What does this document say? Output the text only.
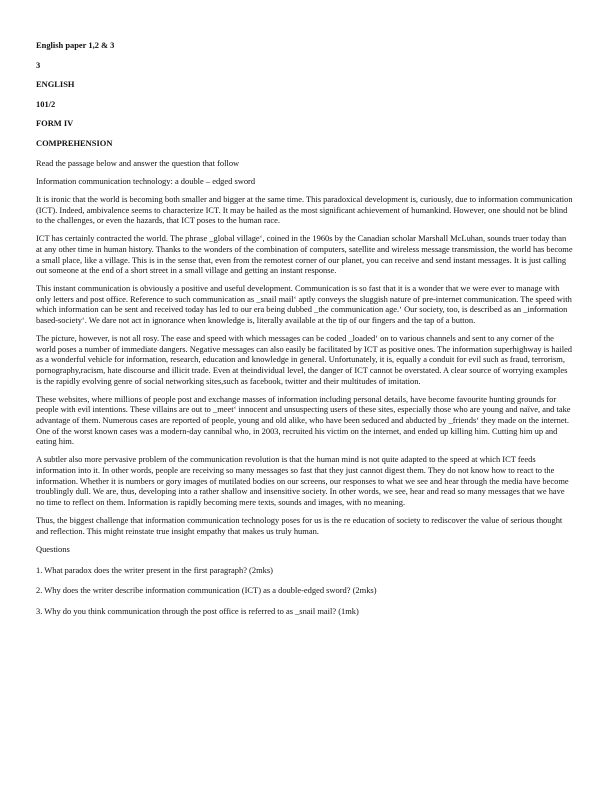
English paper 1,2 & 3
3
ENGLISH
101/2
FORM IV
COMPREHENSION

Read the passage below and answer the question that follow

Information communication technology: a double – edged sword

It is ironic that the world is becoming both smaller and bigger at the same time. This paradoxical development is, curiously, due to information communication (ICT). Indeed, ambivalence seems to characterize ICT. It may be hailed as the most significant achievement of humankind. However, one should not be blind to the challenges, or even the hazards, that ICT poses to the human race.

ICT has certainly contracted the world. The phrase _global village‘, coined in the 1960s by the Canadian scholar Marshall McLuhan, sounds truer today than at any other time in human history. Thanks to the wonders of the combination of computers, satellite and wireless message transmission, the world has become a small place, like a village. This is in the sense that, even from the remotest corner of our planet, you can receive and send instant messages. It is just calling out someone at the end of a short street in a small village and getting an instant response.

This instant communication is obviously a positive and useful development. Communication is so fast that it is a wonder that we were ever to manage with only letters and post office. Reference to such communication as _snail mail‘ aptly conveys the sluggish nature of pre-internet communication. The speed with which information can be sent and received today has led to our era being dubbed _the communication age.‘ Our society, too, is described as an _information based-society‘. We dare not act in ignorance when knowledge is, literally available at the tip of our fingers and the tap of a button.

The picture, however, is not all rosy. The ease and speed with which messages can be coded _loaded‘ on to various channels and sent to any corner of the world poses a number of immediate dangers. Negative messages can also easily be facilitated by ICT as positive ones. The information superhighway is hailed as a wonderful vehicle for information, research, education and knowledge in general. Unfortunately, it is, equally a conduit for evil such as fraud, terrorism, pornography,racism, hate discourse and illicit trade. Even at theindividual level, the danger of ICT cannot be overstated. A clear source of worrying examples is the rapidly evolving genre of social networking sites,such as facebook, twitter and their multitudes of imitation.

These websites, where millions of people post and exchange masses of information including personal details, have become favourite hunting grounds for people with evil intentions. These villains are out to _meet‘ innocent and unsuspecting users of these sites, especially those who are young and naïve, and take advantage of them. Numerous cases are reported of people, young and old alike, who have been seduced and abducted by _friends‘ they made on the internet. One of the worst known cases was a modern-day cannibal who, in 2003, recruited his victim on the internet, and ended up killing him. Cutting him up and eating him.

A subtler also more pervasive problem of the communication revolution is that the human mind is not quite adapted to the speed at which ICT feeds information into it. In other words, people are receiving so many messages so fast that they just cannot digest them. They do not know how to react to the information. Whether it is numbers or gory images of mutilated bodies on our screens, our responses to what we see and hear through the media have become troublingly dull. We are, thus, developing into a rather shallow and insensitive society. In other words, we see, hear and read so many messages that we have no time to reflect on them. Information is rapidly becoming mere texts, sounds and images, with no meaning.

Thus, the biggest challenge that information communication technology poses for us is the re education of society to rediscover the value of serious thought and reflection. This might reinstate true insight empathy that makes us truly human.

Questions

1. What paradox does the writer present in the first paragraph? (2mks)

2. Why does the writer describe information communication (ICT) as a double-edged sword? (2mks)

3. Why do you think communication through the post office is referred to as _snail mail? (1mk)
